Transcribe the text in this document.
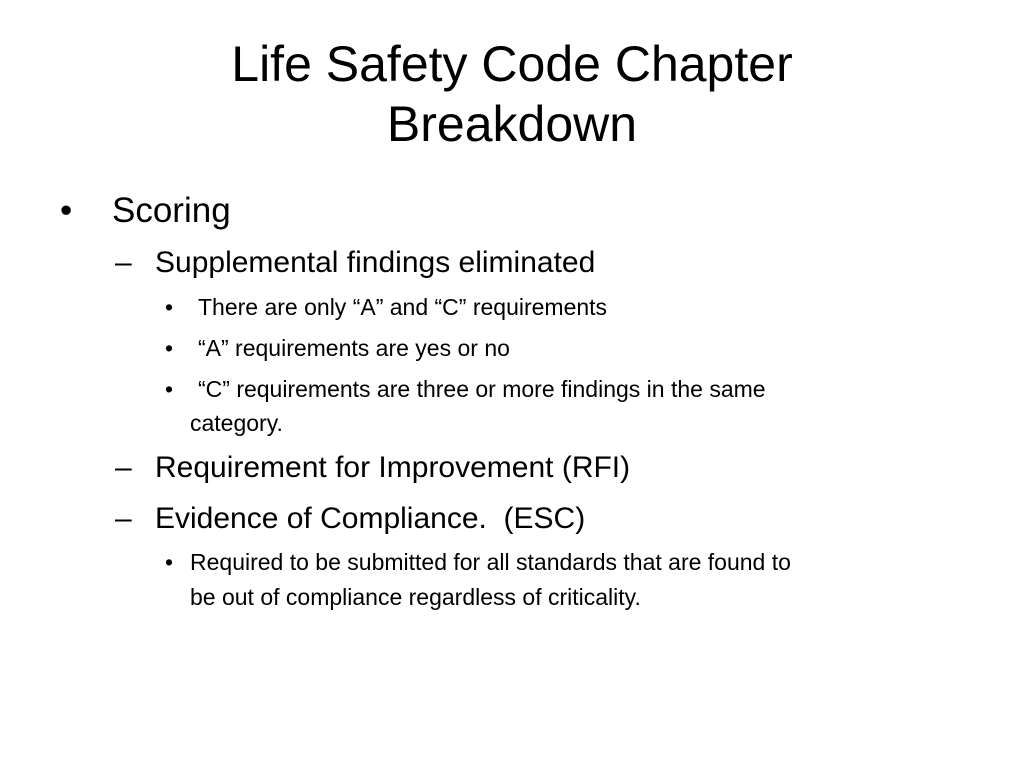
Life Safety Code Chapter
Breakdown
• Scoring
– Supplemental findings eliminated
• There are only “A” and “C” requirements
• “A” requirements are yes or no
• “C” requirements are three or more findings in the same
category.
– Requirement for Improvement (RFI)
– Evidence of Compliance.  (ESC)
• Required to be submitted for all standards that are found to
be out of compliance regardless of criticality.
